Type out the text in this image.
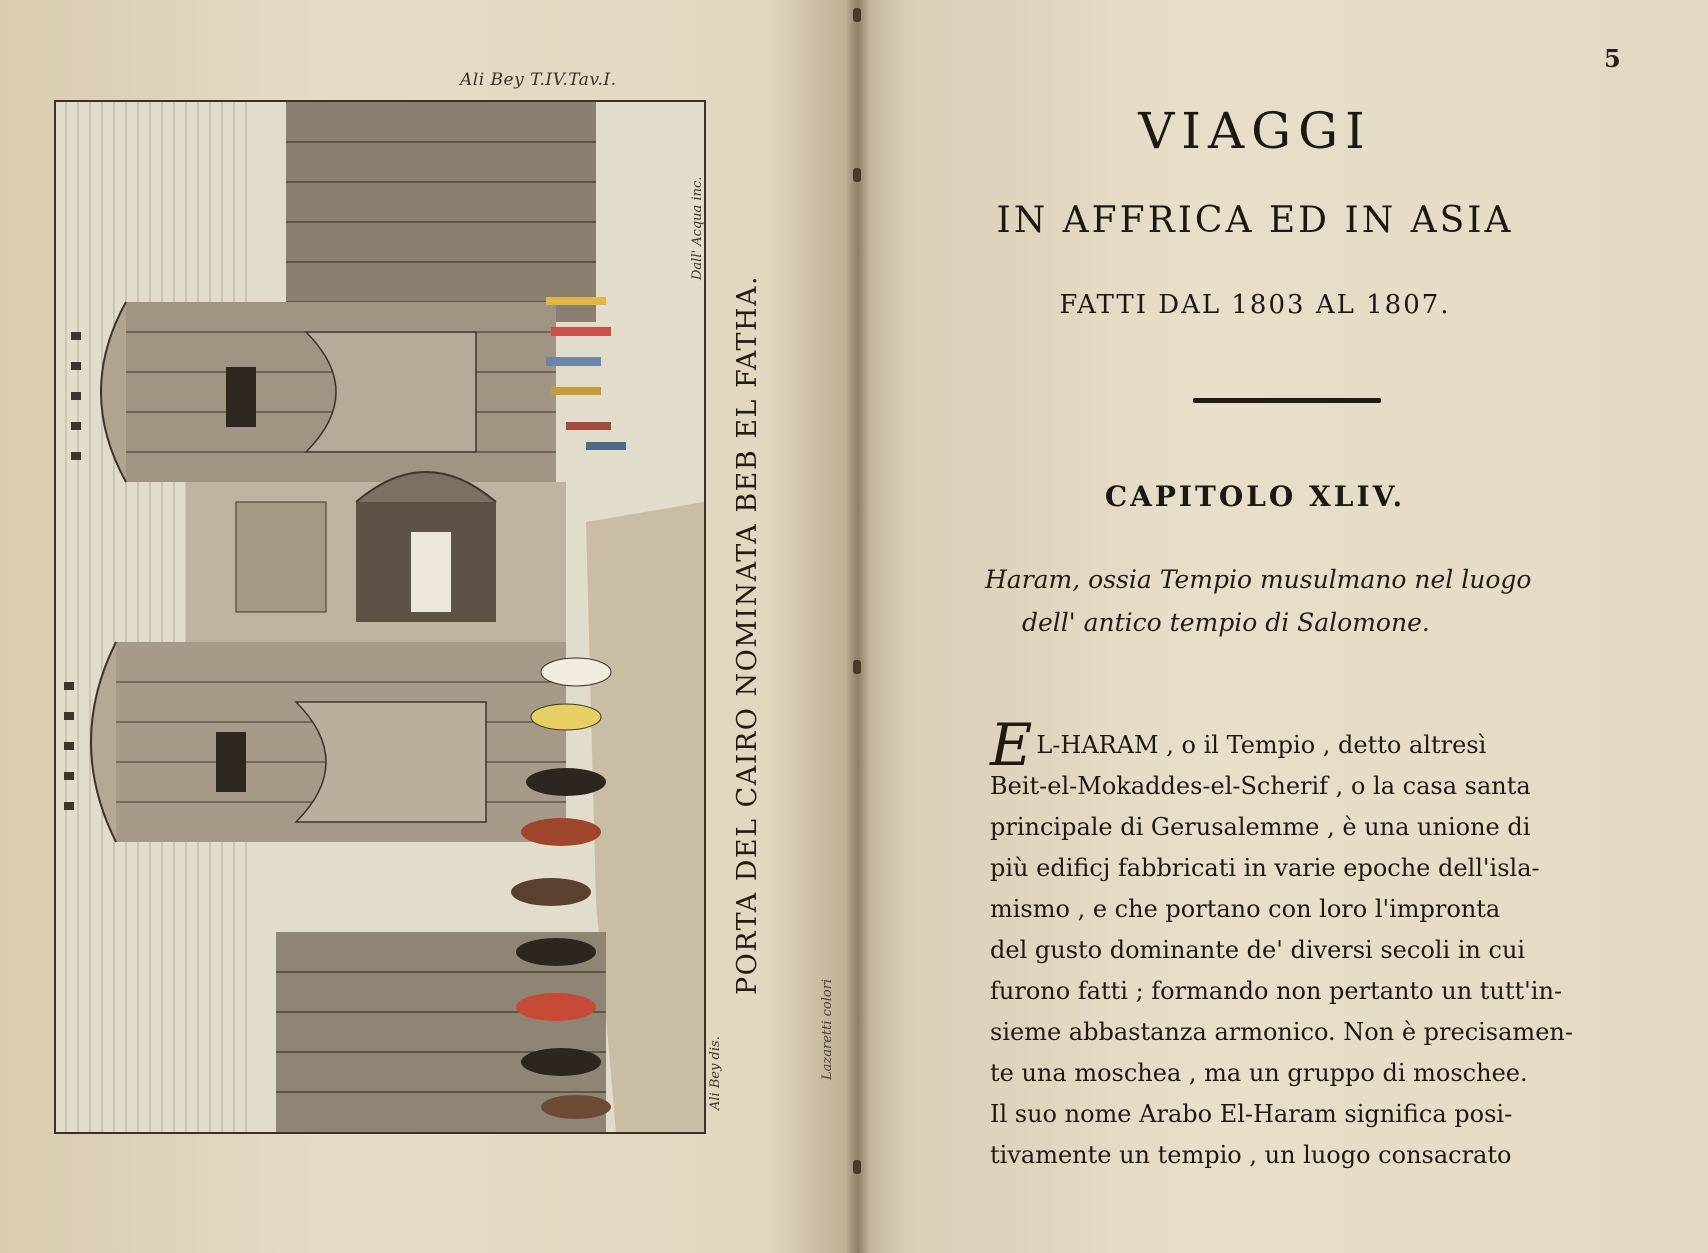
Ali Bey T.IV.Tav.I.
Dall' Acqua inc.
Ali Bey dis.	Lazaretti colori
PORTA DEL CAIRO NOMINATA BEB EL FATHA.
5
VIAGGI
IN AFFRICA ED IN ASIA
FATTI DAL 1803 AL 1807.
CAPITOLO XLIV.
Haram, ossia Tempio musulmano nel luogo
dell' antico tempio di Salomone.
E L-HARAM , o il Tempio , detto altresì
Beit-el-Mokaddes-el-Scherif , o la casa santa
principale di Gerusalemme , è una unione di
più edificj fabbricati in varie epoche dell'isla-
mismo , e che portano con loro l'impronta
del gusto dominante de' diversi secoli in cui
furono fatti ; formando non pertanto un tutt'in-
sieme abbastanza armonico. Non è precisamen-
te una moschea , ma un gruppo di moschee.
Il suo nome Arabo El-Haram significa posi-
tivamente un tempio , un luogo consacrato
